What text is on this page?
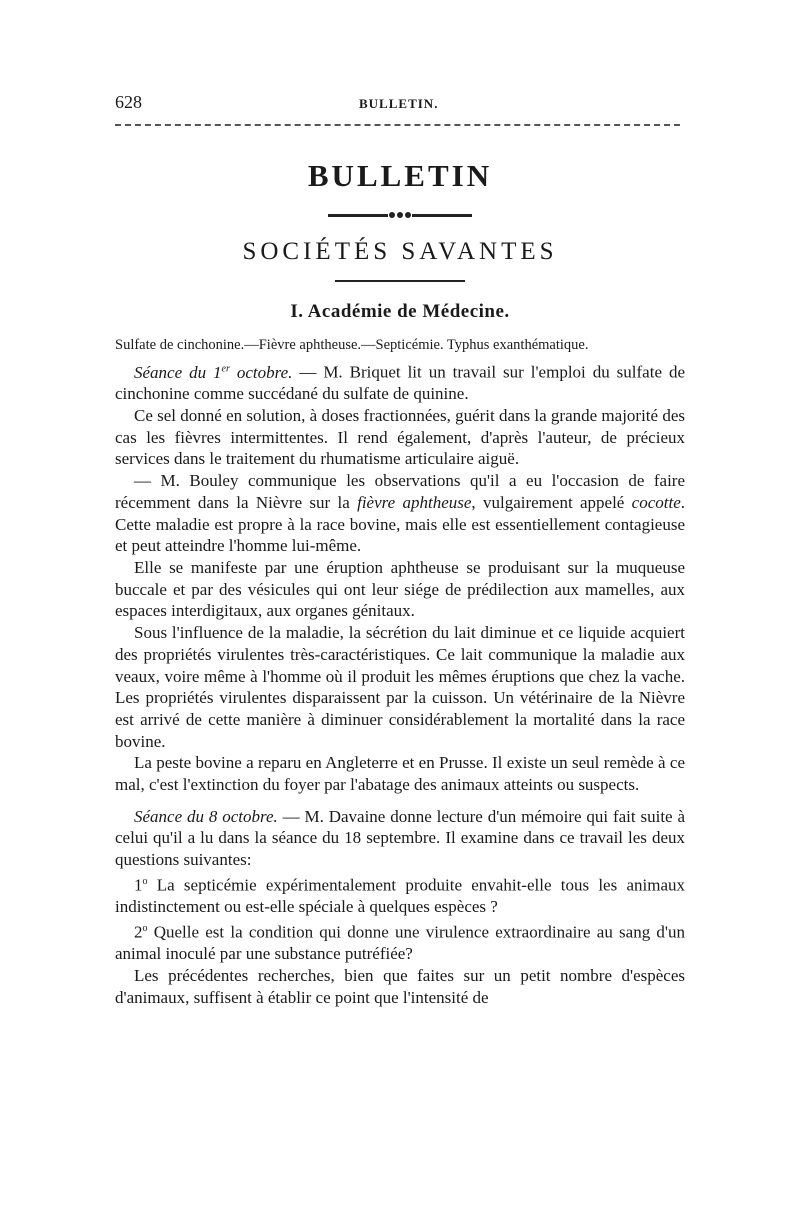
628	BULLETIN.
BULLETIN
SOCIÉTÉS SAVANTES
I. Académie de Médecine.
Sulfate de cinchonine.—Fièvre aphtheuse.—Septicémie. Typhus exanthématique.

Séance du 1er octobre. — M. Briquet lit un travail sur l'emploi du sulfate de cinchonine comme succédané du sulfate de quinine.

Ce sel donné en solution, à doses fractionnées, guérit dans la grande majorité des cas les fièvres intermittentes. Il rend également, d'après l'auteur, de précieux services dans le traitement du rhumatisme articulaire aiguë.

— M. Bouley communique les observations qu'il a eu l'occasion de faire récemment dans la Nièvre sur la fièvre aphtheuse, vulgairement appelé cocotte. Cette maladie est propre à la race bovine, mais elle est essentiellement contagieuse et peut atteindre l'homme lui-même.

Elle se manifeste par une éruption aphtheuse se produisant sur la muqueuse buccale et par des vésicules qui ont leur siége de prédilection aux mamelles, aux espaces interdigitaux, aux organes génitaux.

Sous l'influence de la maladie, la sécrétion du lait diminue et ce liquide acquiert des propriétés virulentes très-caractéristiques. Ce lait communique la maladie aux veaux, voire même à l'homme où il produit les mêmes éruptions que chez la vache. Les propriétés virulentes disparaissent par la cuisson. Un vétérinaire de la Nièvre est arrivé de cette manière à diminuer considérablement la mortalité dans la race bovine.

La peste bovine a reparu en Angleterre et en Prusse. Il existe un seul remède à ce mal, c'est l'extinction du foyer par l'abatage des animaux atteints ou suspects.

Séance du 8 octobre. — M. Davaine donne lecture d'un mémoire qui fait suite à celui qu'il a lu dans la séance du 18 septembre. Il examine dans ce travail les deux questions suivantes:

1$^o$ La septicémie expérimentalement produite envahit-elle tous les animaux indistinctement ou est-elle spéciale à quelques espèces ?

2$^o$ Quelle est la condition qui donne une virulence extraordinaire au sang d'un animal inoculé par une substance putréfiée?

Les précédentes recherches, bien que faites sur un petit nombre d'espèces d'animaux, suffisent à établir ce point que l'intensité de
